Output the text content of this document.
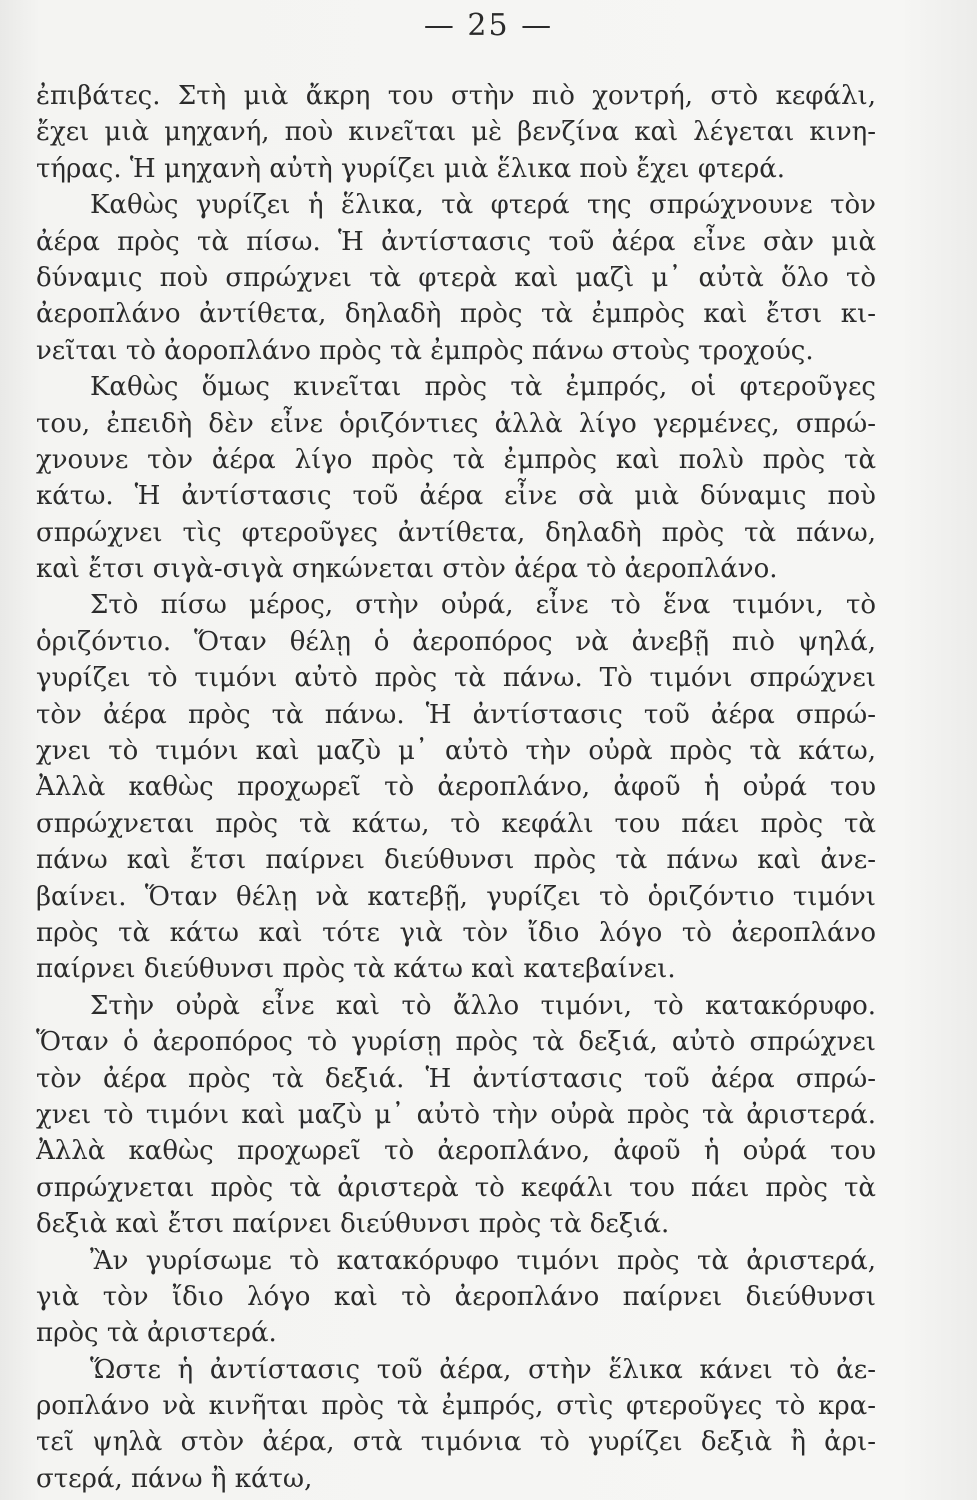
— 25 —
ἐπιβάτες. Στὴ μιὰ ἄκρη του στὴν πιὸ χοντρή, στὸ κεφάλι,
ἔχει μιὰ μηχανή, ποὺ κινεῖται μὲ βενζίνα καὶ λέγεται κινη-
τήρας. Ἡ μηχανὴ αὐτὴ γυρίζει μιὰ ἕλικα ποὺ ἔχει φτερά.
Καθὼς γυρίζει ἡ ἕλικα, τὰ φτερά της σπρώχνουνε τὸν
ἀέρα πρὸς τὰ πίσω. Ἡ ἀντίστασις τοῦ ἀέρα εἶνε σὰν μιὰ
δύναμις ποὺ σπρώχνει τὰ φτερὰ καὶ μαζὶ μ᾽ αὐτὰ ὅλο τὸ
ἀεροπλάνο ἀντίθετα, δηλαδὴ πρὸς τὰ ἐμπρὸς καὶ ἔτσι κι-
νεῖται τὸ ἀοροπλάνο πρὸς τὰ ἐμπρὸς πάνω στοὺς τροχούς.
Καθὼς ὅμως κινεῖται πρὸς τὰ ἐμπρός, οἱ φτεροῦγες
του, ἐπειδὴ δὲν εἶνε ὁριζόντιες ἀλλὰ λίγο γερμένες, σπρώ-
χνουνε τὸν ἀέρα λίγο πρὸς τὰ ἐμπρὸς καὶ πολὺ πρὸς τὰ
κάτω. Ἡ ἀντίστασις τοῦ ἀέρα εἶνε σὰ μιὰ δύναμις ποὺ
σπρώχνει τὶς φτεροῦγες ἀντίθετα, δηλαδὴ πρὸς τὰ πάνω,
καὶ ἔτσι σιγὰ-σιγὰ σηκώνεται στὸν ἀέρα τὸ ἀεροπλάνο.
Στὸ πίσω μέρος, στὴν οὐρά, εἶνε τὸ ἕνα τιμόνι, τὸ
ὁριζόντιο. Ὅταν θέλῃ ὁ ἀεροπόρος νὰ ἀνεβῇ πιὸ ψηλά,
γυρίζει τὸ τιμόνι αὐτὸ πρὸς τὰ πάνω. Τὸ τιμόνι σπρώχνει
τὸν ἀέρα πρὸς τὰ πάνω. Ἡ ἀντίστασις τοῦ ἀέρα σπρώ-
χνει τὸ τιμόνι καὶ μαζὺ μ᾽ αὐτὸ τὴν οὐρὰ πρὸς τὰ κάτω,
Ἀλλὰ καθὼς προχωρεῖ τὸ ἀεροπλάνο, ἀφοῦ ἡ οὐρά του
σπρώχνεται πρὸς τὰ κάτω, τὸ κεφάλι του πάει πρὸς τὰ
πάνω καὶ ἔτσι παίρνει διεύθυνσι πρὸς τὰ πάνω καὶ ἀνε-
βαίνει. Ὅταν θέλῃ νὰ κατεβῇ, γυρίζει τὸ ὁριζόντιο τιμόνι
πρὸς τὰ κάτω καὶ τότε γιὰ τὸν ἴδιο λόγο τὸ ἀεροπλάνο
παίρνει διεύθυνσι πρὸς τὰ κάτω καὶ κατεβαίνει.
Στὴν οὐρὰ εἶνε καὶ τὸ ἄλλο τιμόνι, τὸ κατακόρυφο.
Ὅταν ὁ ἀεροπόρος τὸ γυρίσῃ πρὸς τὰ δεξιά, αὐτὸ σπρώχνει
τὸν ἀέρα πρὸς τὰ δεξιά. Ἡ ἀντίστασις τοῦ ἀέρα σπρώ-
χνει τὸ τιμόνι καὶ μαζὺ μ᾽ αὐτὸ τὴν οὐρὰ πρὸς τὰ ἀριστερά.
Ἀλλὰ καθὼς προχωρεῖ τὸ ἀεροπλάνο, ἀφοῦ ἡ οὐρά του
σπρώχνεται πρὸς τὰ ἀριστερὰ τὸ κεφάλι του πάει πρὸς τὰ
δεξιὰ καὶ ἔτσι παίρνει διεύθυνσι πρὸς τὰ δεξιά.
Ἂν γυρίσωμε τὸ κατακόρυφο τιμόνι πρὸς τὰ ἀριστερά,
γιὰ τὸν ἴδιο λόγο καὶ τὸ ἀεροπλάνο παίρνει διεύθυνσι
πρὸς τὰ ἀριστερά.
Ὥστε ἡ ἀντίστασις τοῦ ἀέρα, στὴν ἕλικα κάνει τὸ ἀε-
ροπλάνο νὰ κινῆται πρὸς τὰ ἐμπρός, στὶς φτεροῦγες τὸ κρα-
τεῖ ψηλὰ στὸν ἀέρα, στὰ τιμόνια τὸ γυρίζει δεξιὰ ἢ ἀρι-
στερά, πάνω ἢ κάτω,
